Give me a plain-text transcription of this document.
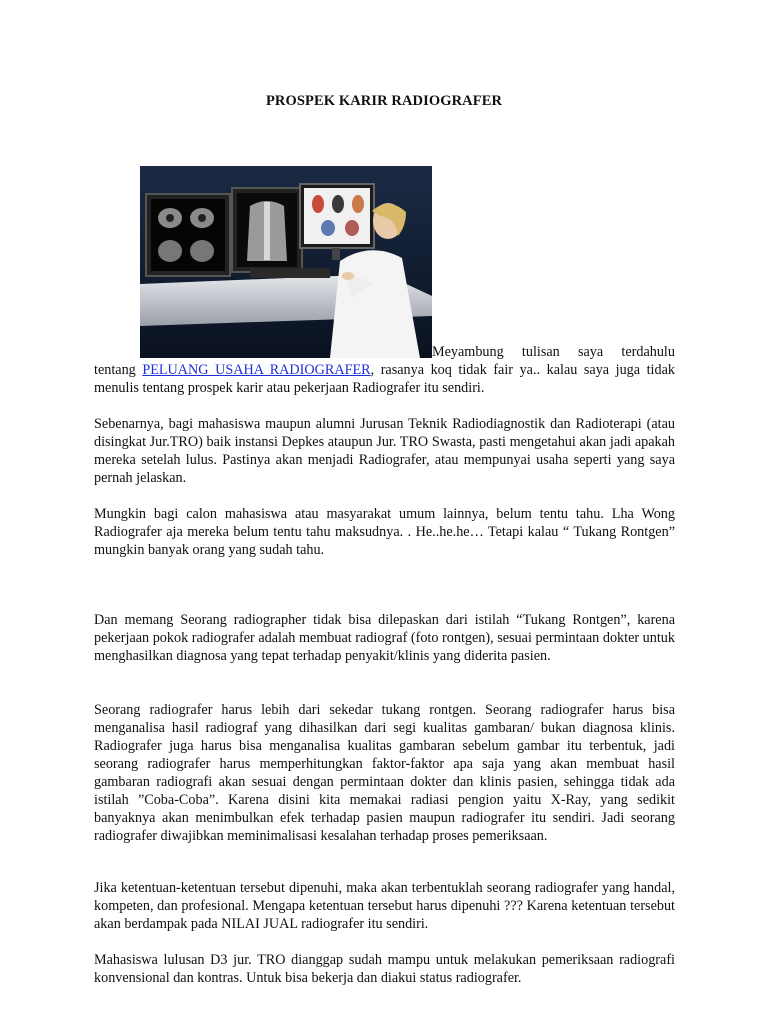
PROSPEK KARIR RADIOGRAFER
Meyambung tulisan saya terdahulu

tentang PELUANG USAHA RADIOGRAFER, rasanya koq tidak fair ya.. kalau saya juga tidak menulis tentang prospek karir atau pekerjaan Radiografer itu sendiri.

Sebenarnya, bagi mahasiswa maupun alumni Jurusan Teknik Radiodiagnostik dan Radioterapi (atau disingkat Jur.TRO) baik instansi Depkes ataupun Jur. TRO Swasta, pasti mengetahui akan jadi apakah mereka setelah lulus. Pastinya akan menjadi Radiografer, atau mempunyai usaha seperti yang saya pernah jelaskan.

Mungkin bagi calon mahasiswa atau masyarakat umum lainnya, belum tentu tahu. Lha Wong Radiografer aja mereka belum tentu tahu maksudnya. . He..he.he… Tetapi kalau “ Tukang Rontgen” mungkin banyak orang yang sudah tahu.

Dan memang Seorang radiographer tidak bisa dilepaskan dari istilah “Tukang Rontgen”, karena pekerjaan pokok radiografer adalah membuat radiograf (foto rontgen), sesuai permintaan dokter untuk menghasilkan diagnosa yang tepat terhadap penyakit/klinis yang diderita pasien.

Seorang radiografer harus lebih dari sekedar tukang rontgen. Seorang radiografer harus bisa menganalisa hasil radiograf yang dihasilkan dari segi kualitas gambaran/ bukan diagnosa klinis. Radiografer juga harus bisa menganalisa kualitas gambaran sebelum gambar itu terbentuk, jadi seorang radiografer harus memperhitungkan faktor-faktor apa saja yang akan membuat hasil gambaran radiografi akan sesuai dengan permintaan dokter dan klinis pasien, sehingga tidak ada istilah ”Coba-Coba”. Karena disini kita memakai radiasi pengion yaitu X-Ray, yang sedikit banyaknya akan menimbulkan efek terhadap pasien maupun radiografer itu sendiri. Jadi seorang radiografer diwajibkan meminimalisasi kesalahan terhadap proses pemeriksaan.

Jika ketentuan-ketentuan tersebut dipenuhi, maka akan terbentuklah seorang radiografer yang handal, kompeten, dan profesional. Mengapa ketentuan tersebut harus dipenuhi ??? Karena ketentuan tersebut akan berdampak pada NILAI JUAL radiografer itu sendiri.

Mahasiswa lulusan D3 jur. TRO dianggap sudah mampu untuk melakukan pemeriksaan radiografi konvensional dan kontras. Untuk bisa bekerja dan diakui status radiografer.
